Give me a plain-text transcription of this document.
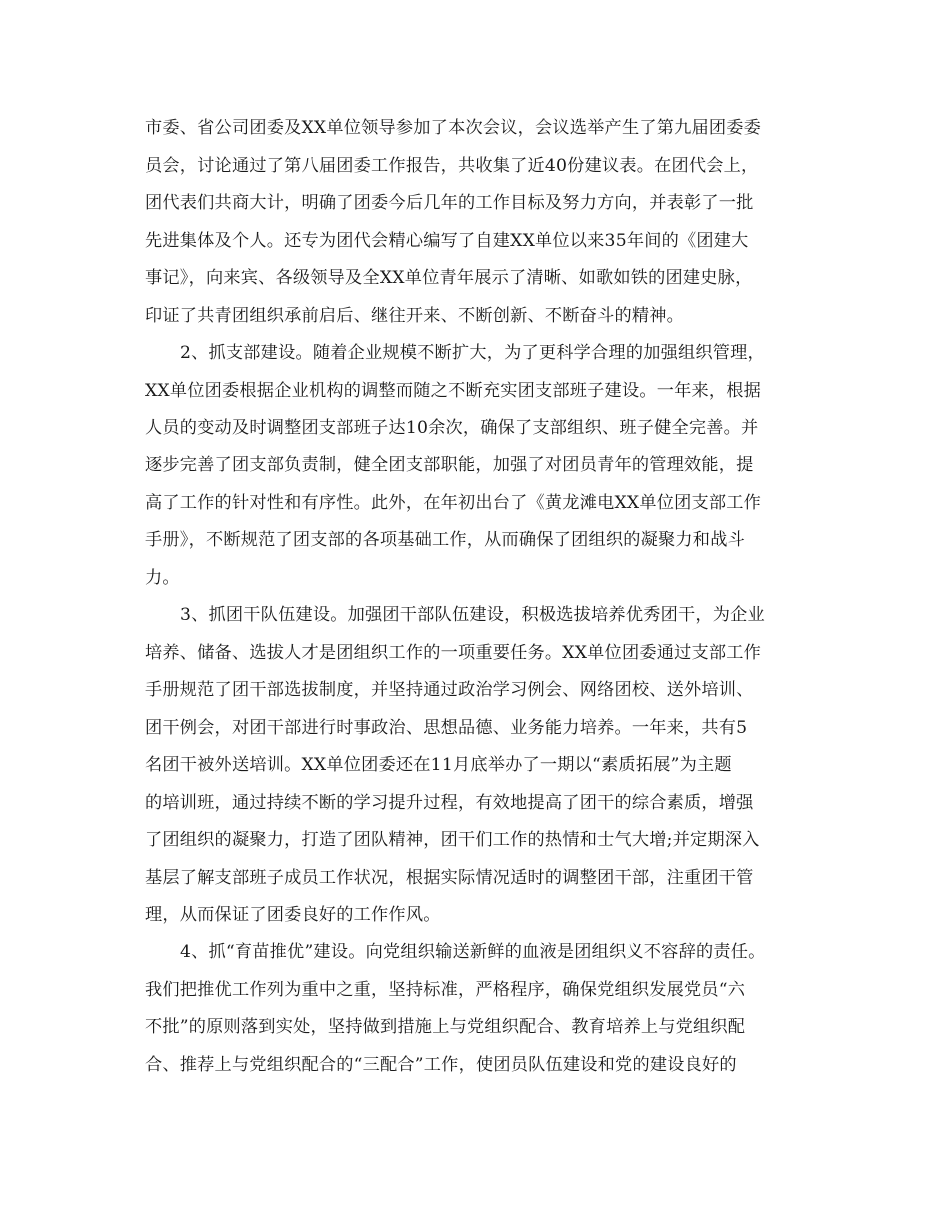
市委、省公司团委及XX单位领导参加了本次会议，会议选举产生了第九届团委委
员会，讨论通过了第八届团委工作报告，共收集了近40份建议表。在团代会上，
团代表们共商大计，明确了团委今后几年的工作目标及努力方向，并表彰了一批
先进集体及个人。还专为团代会精心编写了自建XX单位以来35年间的《团建大
事记》，向来宾、各级领导及全XX单位青年展示了清晰、如歌如铁的团建史脉，
印证了共青团组织承前启后、继往开来、不断创新、不断奋斗的精神。
2、抓支部建设。随着企业规模不断扩大，为了更科学合理的加强组织管理，
XX单位团委根据企业机构的调整而随之不断充实团支部班子建设。一年来，根据
人员的变动及时调整团支部班子达10余次，确保了支部组织、班子健全完善。并
逐步完善了团支部负责制，健全团支部职能，加强了对团员青年的管理效能，提
高了工作的针对性和有序性。此外，在年初出台了《黄龙滩电XX单位团支部工作
手册》，不断规范了团支部的各项基础工作，从而确保了团组织的凝聚力和战斗
力。
3、抓团干队伍建设。加强团干部队伍建设，积极选拔培养优秀团干，为企业
培养、储备、选拔人才是团组织工作的一项重要任务。XX单位团委通过支部工作
手册规范了团干部选拔制度，并坚持通过政治学习例会、网络团校、送外培训、
团干例会，对团干部进行时事政治、思想品德、业务能力培养。一年来，共有5
名团干被外送培训。XX单位团委还在11月底举办了一期以“素质拓展”为主题
的培训班，通过持续不断的学习提升过程，有效地提高了团干的综合素质，增强
了团组织的凝聚力，打造了团队精神，团干们工作的热情和士气大增;并定期深入
基层了解支部班子成员工作状况，根据实际情况适时的调整团干部，注重团干管
理，从而保证了团委良好的工作作风。
4、抓“育苗推优”建设。向党组织输送新鲜的血液是团组织义不容辞的责任。
我们把推优工作列为重中之重，坚持标准，严格程序，确保党组织发展党员“六
不批”的原则落到实处，坚持做到措施上与党组织配合、教育培养上与党组织配
合、推荐上与党组织配合的“三配合”工作，使团员队伍建设和党的建设良好的
